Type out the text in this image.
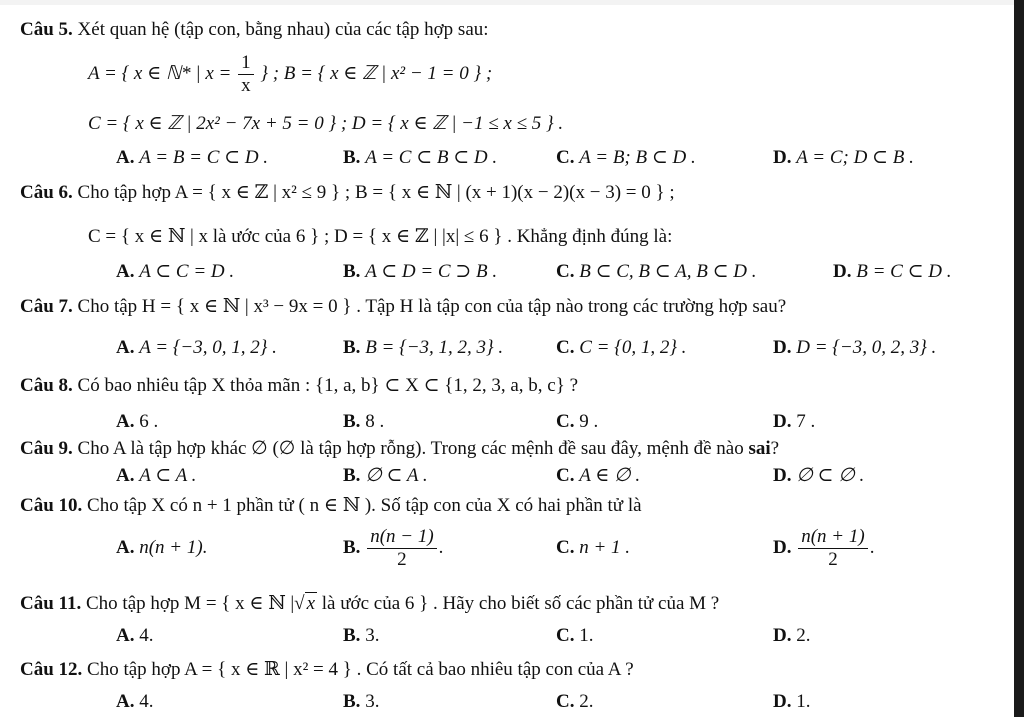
Câu 5. Xét quan hệ (tập con, bằng nhau) của các tập hợp sau:
A = { x ∈ ℕ* | $x = \frac{1}{x}$ } ; B = { x ∈ ℤ | x² − 1 = 0 } ;
C = { x ∈ ℤ | 2x² − 7x + 5 = 0 } ; D = { x ∈ ℤ | −1 ≤ x ≤ 5 } .
A. A = B = C ⊂ D .	B. A = C ⊂ B ⊂ D .	C. A = B; B ⊂ D .	D. A = C; D ⊂ B .
Câu 6. Cho tập hợp A = { x ∈ ℤ | x² ≤ 9 } ; B = { x ∈ ℕ | (x + 1)(x − 2)(x − 3) = 0 } ;
C = { x ∈ ℕ | x là ước của 6 } ; D = { x ∈ ℤ | |x| ≤ 6 } . Khẳng định đúng là:
A. A ⊂ C = D .	B. A ⊂ D = C ⊃ B .	C. B ⊂ C, B ⊂ A, B ⊂ D .	D. B = C ⊂ D .
Câu 7. Cho tập H = { x ∈ ℕ | x³ − 9x = 0 } . Tập H là tập con của tập nào trong các trường hợp sau?
A. A = {−3, 0, 1, 2} .	B. B = {−3, 1, 2, 3} .	C. C = {0, 1, 2} .	D. D = {−3, 0, 2, 3} .
Câu 8. Có bao nhiêu tập X thỏa mãn : {1, a, b} ⊂ X ⊂ {1, 2, 3, a, b, c} ?
A. 6 .	B. 8 .	C. 9 .	D. 7 .
Câu 9. Cho A là tập hợp khác ∅ (∅ là tập hợp rỗng). Trong các mệnh đề sau đây, mệnh đề nào sai?
A. A ⊂ A .	B. ∅ ⊂ A .	C. A ∈ ∅ .	D. ∅ ⊂ ∅ .
Câu 10. Cho tập X có n + 1 phần tử ( n ∈ ℕ ). Số tập con của X có hai phần tử là
A. n(n + 1).	B. $\frac{n(n - 1)}{2}$ .	C. n + 1 .	D. $\frac{n(n + 1)}{2}$ .
Câu 11. Cho tập hợp M = { x ∈ ℕ |√ x là ước của 6 } . Hãy cho biết số các phần tử của M ?
A. 4.	B. 3.	C. 1.	D. 2.
Câu 12. Cho tập hợp A = { x ∈ ℝ | x² = 4 } . Có tất cả bao nhiêu tập con của A ?
A. 4.	B. 3.	C. 2.	D. 1.
